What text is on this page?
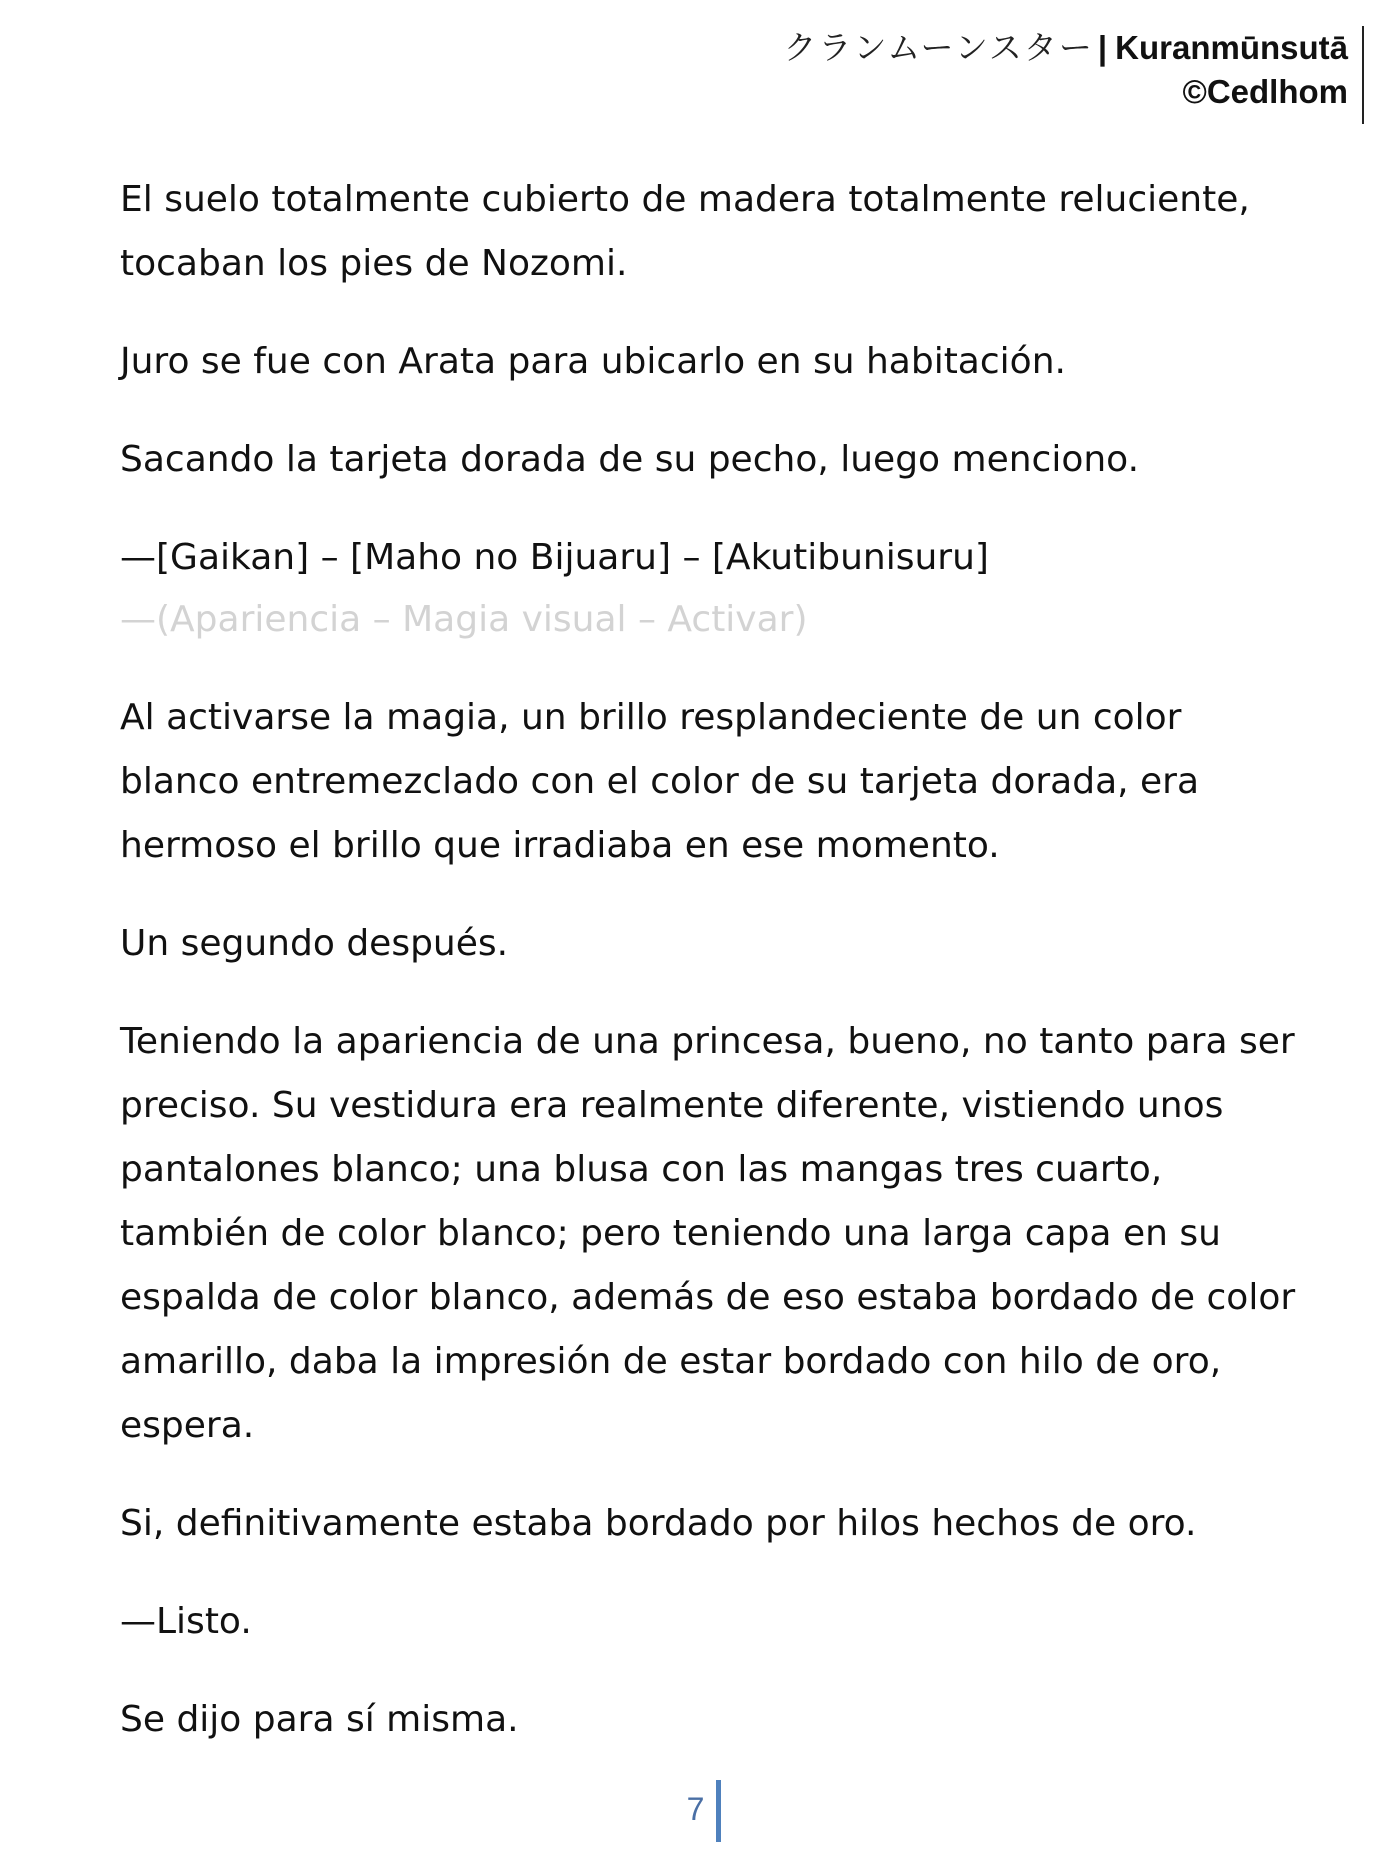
クランムーンスター | Kuranmūnsutā
©Cedlhom

El suelo totalmente cubierto de madera totalmente reluciente, tocaban los pies de Nozomi.

Juro se fue con Arata para ubicarlo en su habitación.

Sacando la tarjeta dorada de su pecho, luego menciono.

—[Gaikan] – [Maho no Bijuaru] – [Akutibunisuru]

—(Apariencia – Magia visual – Activar)

Al activarse la magia, un brillo resplandeciente de un color blanco entremezclado con el color de su tarjeta dorada, era hermoso el brillo que irradiaba en ese momento.

Un segundo después.

Teniendo la apariencia de una princesa, bueno, no tanto para ser preciso. Su vestidura era realmente diferente, vistiendo unos pantalones blanco; una blusa con las mangas tres cuarto, también de color blanco; pero teniendo una larga capa en su espalda de color blanco, además de eso estaba bordado de color amarillo, daba la impresión de estar bordado con hilo de oro, espera.

Si, definitivamente estaba bordado por hilos hechos de oro.

—Listo.

Se dijo para sí misma.

7
